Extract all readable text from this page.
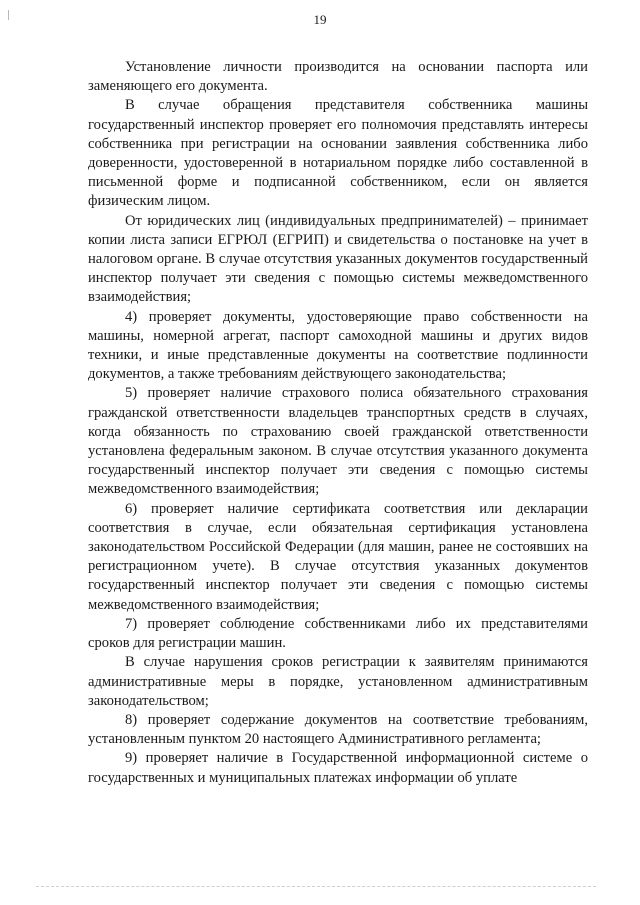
19

Установление личности производится на основании паспорта или заменяющего его документа.

В случае обращения представителя собственника машины государственный инспектор проверяет его полномочия представлять интересы собственника при регистрации на основании заявления собственника либо доверенности, удостоверенной в нотариальном порядке либо составленной в письменной форме и подписанной собственником, если он является физическим лицом.

От юридических лиц (индивидуальных предпринимателей) – принимает копии листа записи ЕГРЮЛ (ЕГРИП) и свидетельства о постановке на учет в налоговом органе. В случае отсутствия указанных документов государственный инспектор получает эти сведения с помощью системы межведомственного взаимодействия;

4) проверяет документы, удостоверяющие право собственности на машины, номерной агрегат, паспорт самоходной машины и других видов техники, и иные представленные документы на соответствие подлинности документов, а также требованиям действующего законодательства;

5) проверяет наличие страхового полиса обязательного страхования гражданской ответственности владельцев транспортных средств в случаях, когда обязанность по страхованию своей гражданской ответственности установлена федеральным законом. В случае отсутствия указанного документа государственный инспектор получает эти сведения с помощью системы межведомственного взаимодействия;

6) проверяет наличие сертификата соответствия или декларации соответствия в случае, если обязательная сертификация установлена законодательством Российской Федерации (для машин, ранее не состоявших на регистрационном учете). В случае отсутствия указанных документов государственный инспектор получает эти сведения с помощью системы межведомственного взаимодействия;

7) проверяет соблюдение собственниками либо их представителями сроков для регистрации машин.

В случае нарушения сроков регистрации к заявителям принимаются административные меры в порядке, установленном административным законодательством;

8) проверяет содержание документов на соответствие требованиям, установленным пунктом 20 настоящего Административного регламента;

9) проверяет наличие в Государственной информационной системе о государственных и муниципальных платежах информации об уплате
